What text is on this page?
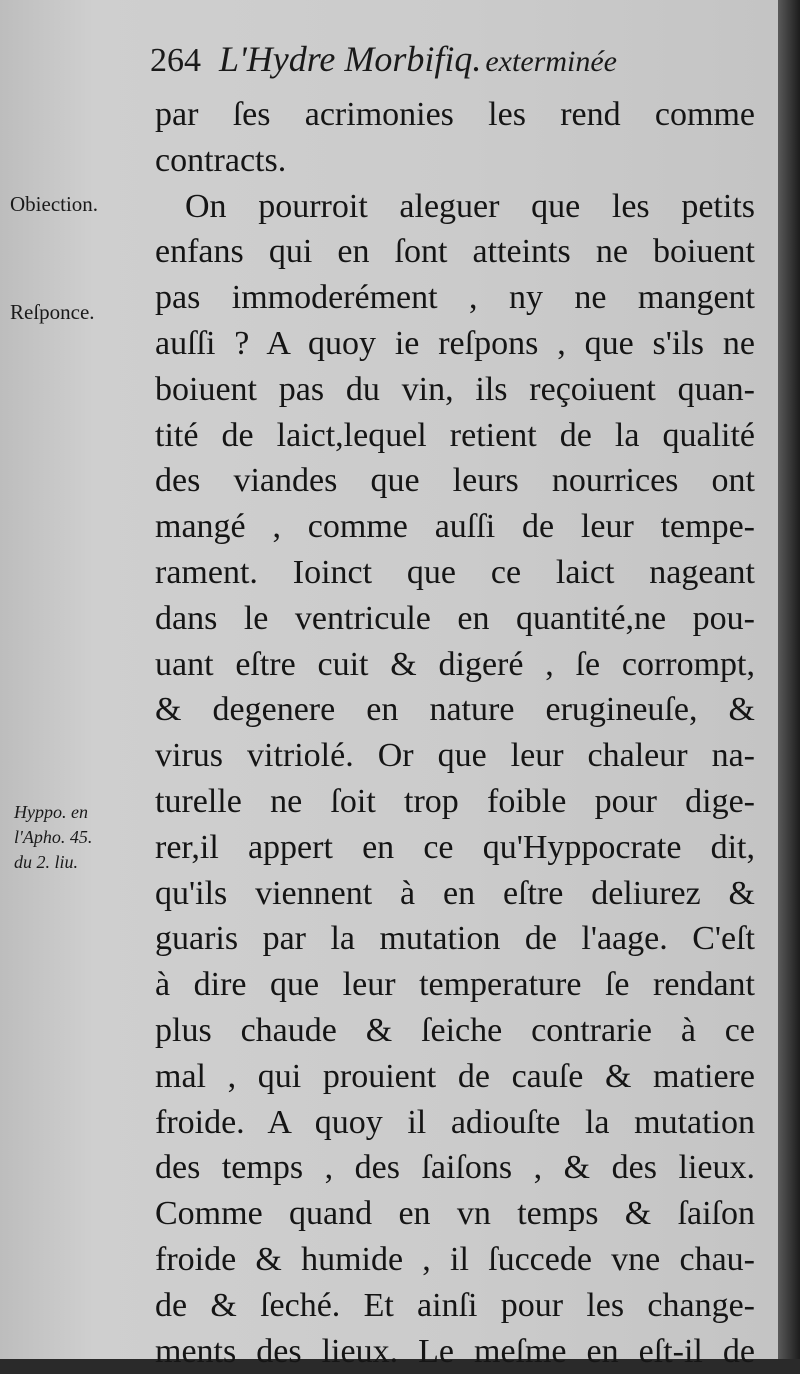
264 L'Hydre Morbifiq. exterminée
Obiection.
Reſponce.
Hyppo. en
l'Apho. 45.
du 2. liu.
par ſes acrimonies les rend comme
contracts.
On pourroit aleguer que les petits
enfans qui en ſont atteints ne boiuent
pas immoderément , ny ne mangent
auſſi ? A quoy ie reſpons , que s'ils ne
boiuent pas du vin, ils reçoiuent quan-
tité de laict,lequel retient de la qualité
des viandes que leurs nourrices ont
mangé , comme auſſi de leur tempe-
rament. Ioinct que ce laict nageant
dans le ventricule en quantité,ne pou-
uant eſtre cuit & digeré , ſe corrompt,
& degenere en nature erugineuſe, &
virus vitriolé. Or que leur chaleur na-
turelle ne ſoit trop foible pour dige-
rer,il appert en ce qu'Hyppocrate dit,
qu'ils viennent à en eſtre deliurez &
guaris par la mutation de l'aage. C'eſt
à dire que leur temperature ſe rendant
plus chaude & ſeiche contrarie à ce
mal , qui prouient de cauſe & matiere
froide. A quoy il adiouſte la mutation
des temps , des ſaiſons , & des lieux.
Comme quand en vn temps & ſaiſon
froide & humide , il ſuccede vne chau-
de & ſeché. Et ainſi pour les change-
ments des lieux. Le meſme en eſt-il de
